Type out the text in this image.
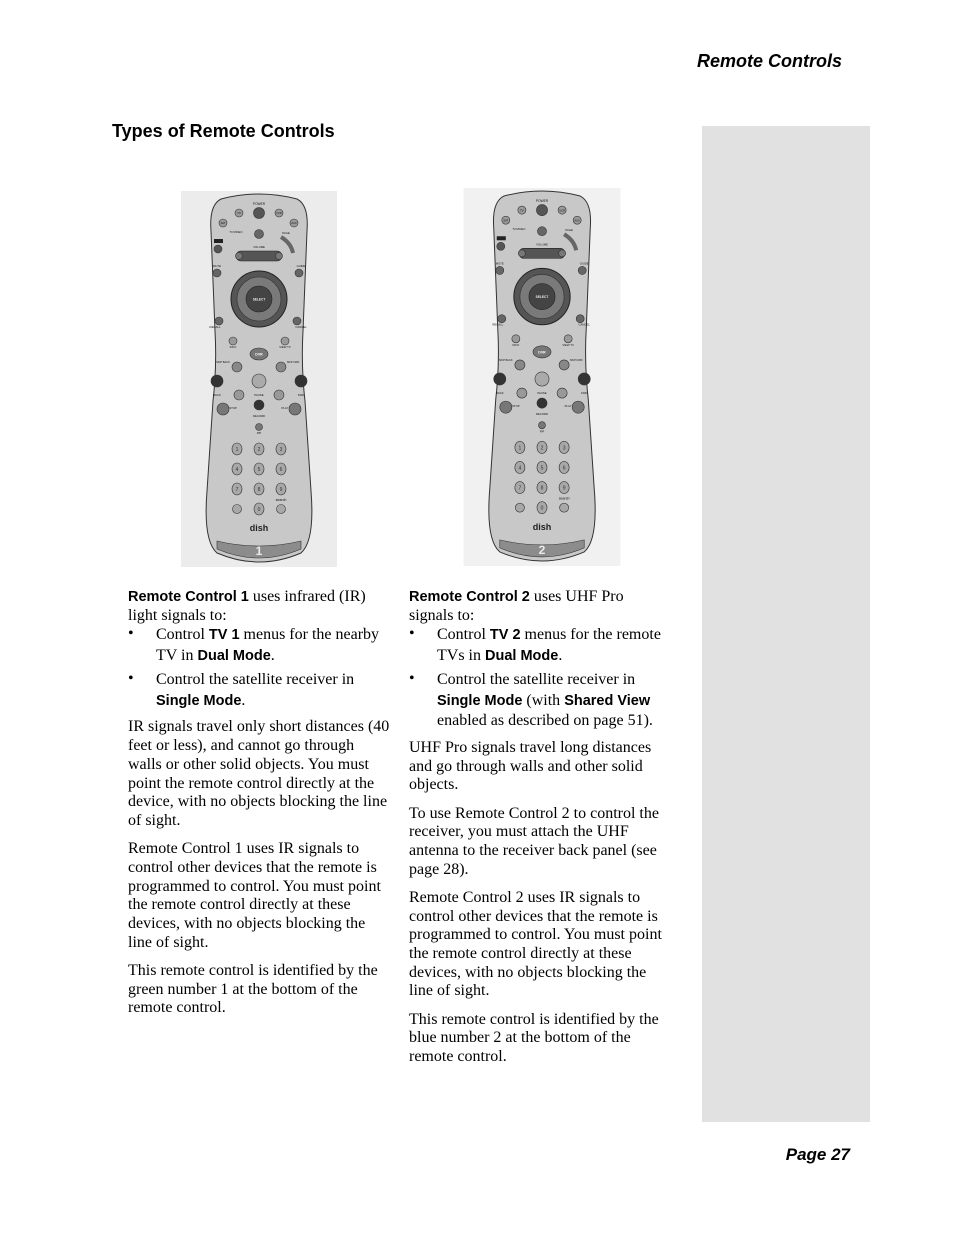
Remote Controls
Types of Remote Controls
POWER
TV	VCR
SAT	AUX
TV/VIDEO	PAGE
VOLUME
MUTE	GUIDE
SELECT
RECALL	CANCEL
INFO	VIEW TV
DVR
SKIP BACK	SKIP FWD
BACK	FWD
PAUSE
STOP	PLAY
RECORD
PIP
1	2	3
4	5	6
7	8	9
0
search
dish
1
POWER
TV	VCR
SAT	AUX
TV/VIDEO	PAGE
VOLUME
MUTE	GUIDE
SELECT
RECALL	CANCEL
INFO	VIEW TV
DVR
SKIP BACK	SKIP FWD
BACK	FWD
PAUSE
STOP	PLAY
RECORD
PIP
1	2	3
4	5	6
7	8	9
0
search
dish
2

Remote Control 1 uses infrared (IR) light signals to:

•	Control TV 1 menus for the nearby TV in Dual Mode.
•	Control the satellite receiver in Single Mode.

IR signals travel only short distances (40 feet or less), and cannot go through walls or other solid objects. You must point the remote control directly at the device, with no objects blocking the line of sight.

Remote Control 1 uses IR signals to control other devices that the remote is programmed to control. You must point the remote control directly at these devices, with no objects blocking the line of sight.

This remote control is identified by the green number 1 at the bottom of the remote control.

Remote Control 2 uses UHF Pro signals to:

•	Control TV 2 menus for the remote TVs in Dual Mode.
•	Control the satellite receiver in Single Mode (with Shared View enabled as described on page 51).

UHF Pro signals travel long distances and go through walls and other solid objects.

To use Remote Control 2 to control the receiver, you must attach the UHF antenna to the receiver back panel (see page 28).

Remote Control 2 uses IR signals to control other devices that the remote is programmed to control. You must point the remote control directly at these devices, with no objects blocking the line of sight.

This remote control is identified by the blue number 2 at the bottom of the remote control.

Page 27
